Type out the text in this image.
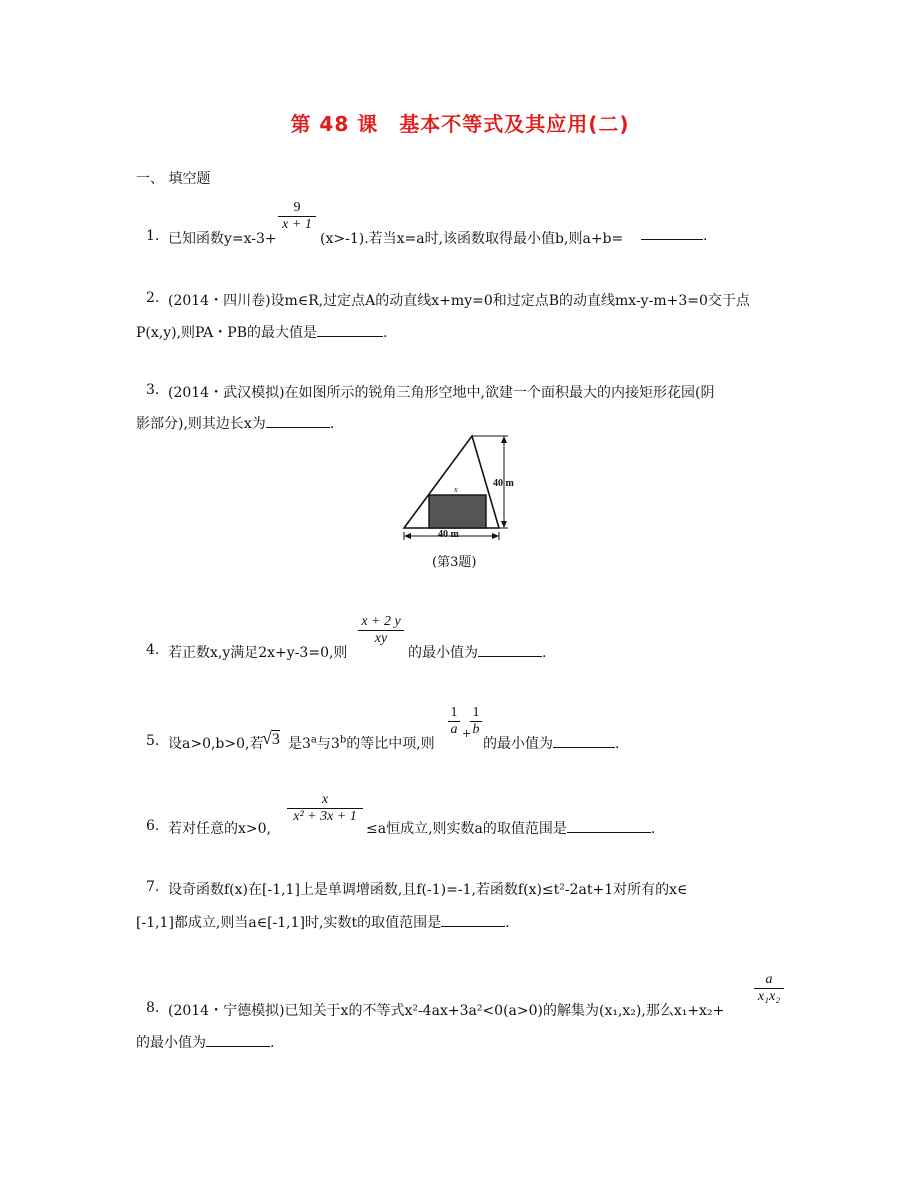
第 48 课　基本不等式及其应用(二)
一、 填空题
1. 已知函数y=x-3+
$\frac{9}{x + 1}$
(x>-1).若当x=a时,该函数取得最小值b,则a+b=	.
2. (2014・四川卷)设m∈R,过定点A的动直线x+my=0和过定点B的动直线mx-y-m+3=0交于点
P(x,y),则PA・PB的最大值是	.
3. (2014・武汉模拟)在如图所示的锐角三角形空地中,欲建一个面积最大的内接矩形花园(阴
影部分),则其边长x为	.
x
40 m
40 m
(第3题)
4. 若正数x,y满足2x+y-3=0,则
$\frac{x + 2 y}{xy}$
的最小值为	.
5. 设a>0,b>0,若
√3 是3$^a$与3$^b$的等比中项,则
$\frac{1}{a}$ +
$\frac{1}{b}$
的最小值为	.
6. 若对任意的x>0,
$\frac{x}{\text{x² + 3x + 1}}$
≤a恒成立,则实数a的取值范围是	.
7. 设奇函数f(x)在[-1,1]上是单调增函数,且f(-1)=-1,若函数f(x)≤t²-2at+1对所有的x∈
[-1,1]都成立,则当a∈[-1,1]时,实数t的取值范围是	.
8. (2014・宁德模拟)已知关于x的不等式x²-4ax+3a²<0(a>0)的解集为(x₁,x₂),那么x₁+x₂+
$\frac{a}{\text{x₁x₂}}$
的最小值为	.
